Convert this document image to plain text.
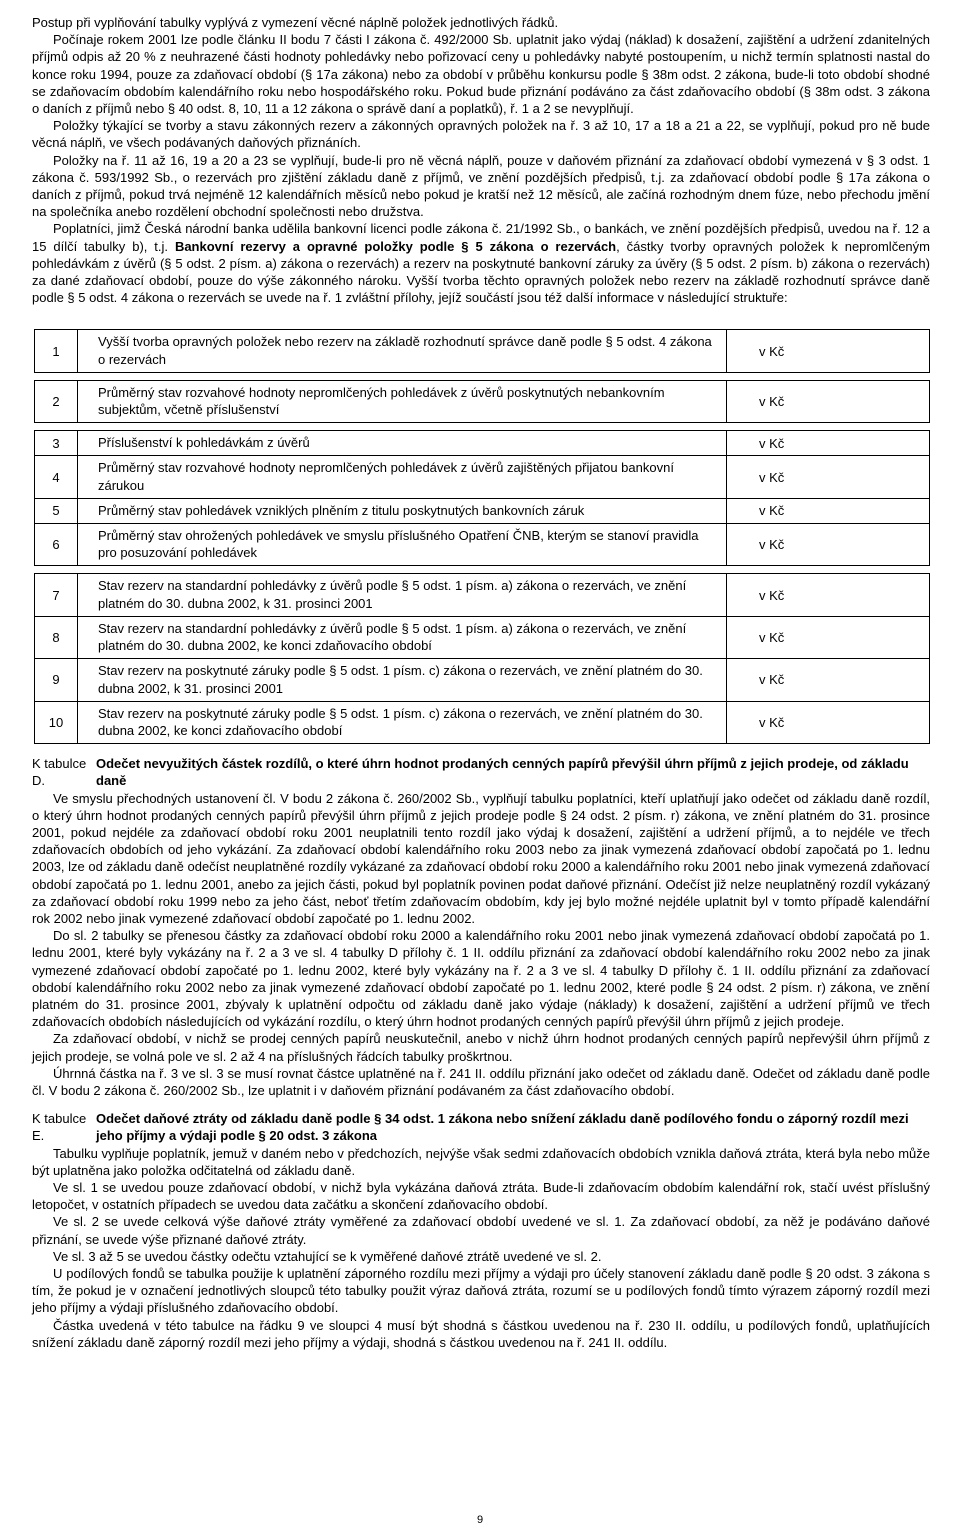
Postup při vyplňování tabulky vyplývá z vymezení věcné náplně položek jednotlivých řádků.

Počínaje rokem 2001 lze podle článku II bodu 7 části I zákona č. 492/2000 Sb. uplatnit jako výdaj (náklad) k dosažení, zajištění a udržení zdanitelných příjmů odpis až 20 % z neuhrazené části hodnoty pohledávky nebo pořizovací ceny u pohledávky nabyté postoupením, u nichž termín splatnosti nastal do konce roku 1994, pouze za zdaňovací období (§ 17a zákona) nebo za období v průběhu konkursu podle § 38m odst. 2 zákona, bude-li toto období shodné se zdaňovacím obdobím kalendářního roku nebo hospodářského roku. Pokud bude přiznání podáváno za část zdaňovacího období (§ 38m odst. 3 zákona o daních z příjmů nebo § 40 odst. 8, 10, 11 a 12 zákona o správě daní a poplatků), ř. 1 a 2 se nevyplňují.

Položky týkající se tvorby a stavu zákonných rezerv a zákonných opravných položek na ř. 3 až 10, 17 a 18 a 21 a 22, se vyplňují, pokud pro ně bude věcná náplň, ve všech podávaných daňových přiznáních.

Položky na ř. 11 až 16, 19 a 20 a 23 se vyplňují, bude-li pro ně věcná náplň, pouze v daňovém přiznání za zdaňovací období vymezená v § 3 odst. 1 zákona č. 593/1992 Sb., o rezervách pro zjištění základu daně z příjmů, ve znění pozdějších předpisů, t.j. za zdaňovací období podle § 17a zákona o daních z příjmů, pokud trvá nejméně 12 kalendářních měsíců nebo pokud je kratší než 12 měsíců, ale začíná rozhodným dnem fúze, nebo přechodu jmění na společníka anebo rozdělení obchodní společnosti nebo družstva.

Poplatníci, jimž Česká národní banka udělila bankovní licenci podle zákona č. 21/1992 Sb., o bankách, ve znění pozdějších předpisů, uvedou na ř. 12 a 15 dílčí tabulky b), t.j. Bankovní rezervy a opravné položky podle § 5 zákona o rezervách, částky tvorby opravných položek k nepromlčeným pohledávkám z úvěrů (§ 5 odst. 2 písm. a) zákona o rezervách) a rezerv na poskytnuté bankovní záruky za úvěry (§ 5 odst. 2 písm. b) zákona o rezervách) za dané zdaňovací období, pouze do výše zákonného nároku. Vyšší tvorba těchto opravných položek nebo rezerv na základě rozhodnutí správce daně podle § 5 odst. 4 zákona o rezervách se uvede na ř. 1 zvláštní přílohy, jejíž součástí jsou též další informace v následující struktuře:

1	Vyšší tvorba opravných položek nebo rezerv na základě rozhodnutí správce daně podle § 5 odst. 4 zákona o rezervách	v Kč

2	Průměrný stav rozvahové hodnoty nepromlčených pohledávek z úvěrů poskytnutých nebankovním subjektům, včetně příslušenství	v Kč

3	Příslušenství k pohledávkám z úvěrů	v Kč
4	Průměrný stav rozvahové hodnoty nepromlčených pohledávek z úvěrů zajištěných přijatou bankovní zárukou	v Kč
5	Průměrný stav pohledávek vzniklých plněním z titulu poskytnutých bankovních záruk	v Kč
6	Průměrný stav ohrožených pohledávek ve smyslu příslušného Opatření ČNB, kterým se stanoví pravidla pro posuzování pohledávek	v Kč

7	Stav rezerv na standardní pohledávky z úvěrů podle § 5 odst. 1 písm. a) zákona o rezervách, ve znění platném do 30. dubna 2002, k 31. prosinci 2001	v Kč
8	Stav rezerv na standardní pohledávky z úvěrů podle § 5 odst. 1 písm. a) zákona o rezervách, ve znění platném do 30. dubna 2002, ke konci zdaňovacího období	v Kč
9	Stav rezerv na poskytnuté záruky podle § 5 odst. 1 písm. c) zákona o rezervách, ve znění platném do 30. dubna 2002, k 31. prosinci 2001	v Kč
10	Stav rezerv na poskytnuté záruky podle § 5 odst. 1 písm. c) zákona o rezervách, ve znění platném do 30. dubna 2002, ke konci zdaňovacího období	v Kč
K tabulce D.
Odečet nevyužitých částek rozdílů, o které úhrn hodnot prodaných cenných papírů převýšil úhrn příjmů z jejich prodeje, od základu daně

Ve smyslu přechodných ustanovení čl. V bodu 2 zákona č. 260/2002 Sb., vyplňují tabulku poplatníci, kteří uplatňují jako odečet od základu daně rozdíl, o který úhrn hodnot prodaných cenných papírů převýšil úhrn příjmů z jejich prodeje podle § 24 odst. 2 písm. r) zákona, ve znění platném do 31. prosince 2001, pokud nejdéle za zdaňovací období roku 2001 neuplatnili tento rozdíl jako výdaj k dosažení, zajištění a udržení příjmů, a to nejdéle ve třech zdaňovacích obdobích od jeho vykázání. Za zdaňovací období kalendářního roku 2003 nebo za jinak vymezená zdaňovací období započatá po 1. lednu 2003, lze od základu daně odečíst neuplatněné rozdíly vykázané za zdaňovací období roku 2000 a kalendářního roku 2001 nebo jinak vymezená zdaňovací období započatá po 1. lednu 2001, anebo za jejich části, pokud byl poplatník povinen podat daňové přiznání. Odečíst již nelze neuplatněný rozdíl vykázaný za zdaňovací období roku 1999 nebo za jeho část, neboť třetím zdaňovacím obdobím, kdy jej bylo možné nejdéle uplatnit byl v tomto případě kalendářní rok 2002 nebo jinak vymezené zdaňovací období započaté po 1. lednu 2002.

Do sl. 2 tabulky se přenesou částky za zdaňovací období roku 2000 a kalendářního roku 2001 nebo jinak vymezená zdaňovací období započatá po 1. lednu 2001, které byly vykázány na ř. 2 a 3 ve sl. 4 tabulky D přílohy č. 1 II. oddílu přiznání za zdaňovací období kalendářního roku 2002 nebo za jinak vymezené zdaňovací období započaté po 1. lednu 2002, které byly vykázány na ř. 2 a 3 ve sl. 4 tabulky D přílohy č. 1 II. oddílu přiznání za zdaňovací období kalendářního roku 2002 nebo za jinak vymezené zdaňovací období započaté po 1. lednu 2002, které podle § 24 odst. 2 písm. r) zákona, ve znění platném do 31. prosince 2001, zbývaly k uplatnění odpočtu od základu daně jako výdaje (náklady) k dosažení, zajištění a udržení příjmů ve třech zdaňovacích obdobích následujících od vykázání rozdílu, o který úhrn hodnot prodaných cenných papírů převýšil úhrn příjmů z jejich prodeje.

Za zdaňovací období, v nichž se prodej cenných papírů neuskutečnil, anebo v nichž úhrn hodnot prodaných cenných papírů nepřevýšil úhrn příjmů z jejich prodeje, se volná pole ve sl. 2 až 4 na příslušných řádcích tabulky proškrtnou.

Úhrnná částka na ř. 3 ve sl. 3 se musí rovnat částce uplatněné na ř. 241 II. oddílu přiznání jako odečet od základu daně. Odečet od základu daně podle čl. V bodu 2 zákona č. 260/2002 Sb., lze uplatnit i v daňovém přiznání podávaném za část zdaňovacího období.

K tabulce E.
Odečet daňové ztráty od základu daně podle § 34 odst. 1 zákona nebo snížení základu daně podílového fondu o záporný rozdíl mezi jeho příjmy a výdaji podle § 20 odst. 3 zákona

Tabulku vyplňuje poplatník, jemuž v daném nebo v předchozích, nejvýše však sedmi zdaňovacích obdobích vznikla daňová ztráta, která byla nebo může být uplatněna jako položka odčitatelná od základu daně.

Ve sl. 1 se uvedou pouze zdaňovací období, v nichž byla vykázána daňová ztráta. Bude-li zdaňovacím obdobím kalendářní rok, stačí uvést příslušný letopočet, v ostatních případech se uvedou data začátku a skončení zdaňovacího období.

Ve sl. 2 se uvede celková výše daňové ztráty vyměřené za zdaňovací období uvedené ve sl. 1. Za zdaňovací období, za něž je podáváno daňové přiznání, se uvede výše přiznané daňové ztráty.

Ve sl. 3 až 5 se uvedou částky odečtu vztahující se k vyměřené daňové ztrátě uvedené ve sl. 2.

U podílových fondů se tabulka použije k uplatnění záporného rozdílu mezi příjmy a výdaji pro účely stanovení základu daně podle § 20 odst. 3 zákona s tím, že pokud je v označení jednotlivých sloupců této tabulky použit výraz daňová ztráta, rozumí se u podílových fondů tímto výrazem záporný rozdíl mezi jeho příjmy a výdaji příslušného zdaňovacího období.

Částka uvedená v této tabulce na řádku 9 ve sloupci 4 musí být shodná s částkou uvedenou na ř. 230 II. oddílu, u podílových fondů, uplatňujících snížení základu daně záporný rozdíl mezi jeho příjmy a výdaji, shodná s částkou uvedenou na ř. 241 II. oddílu.

9
